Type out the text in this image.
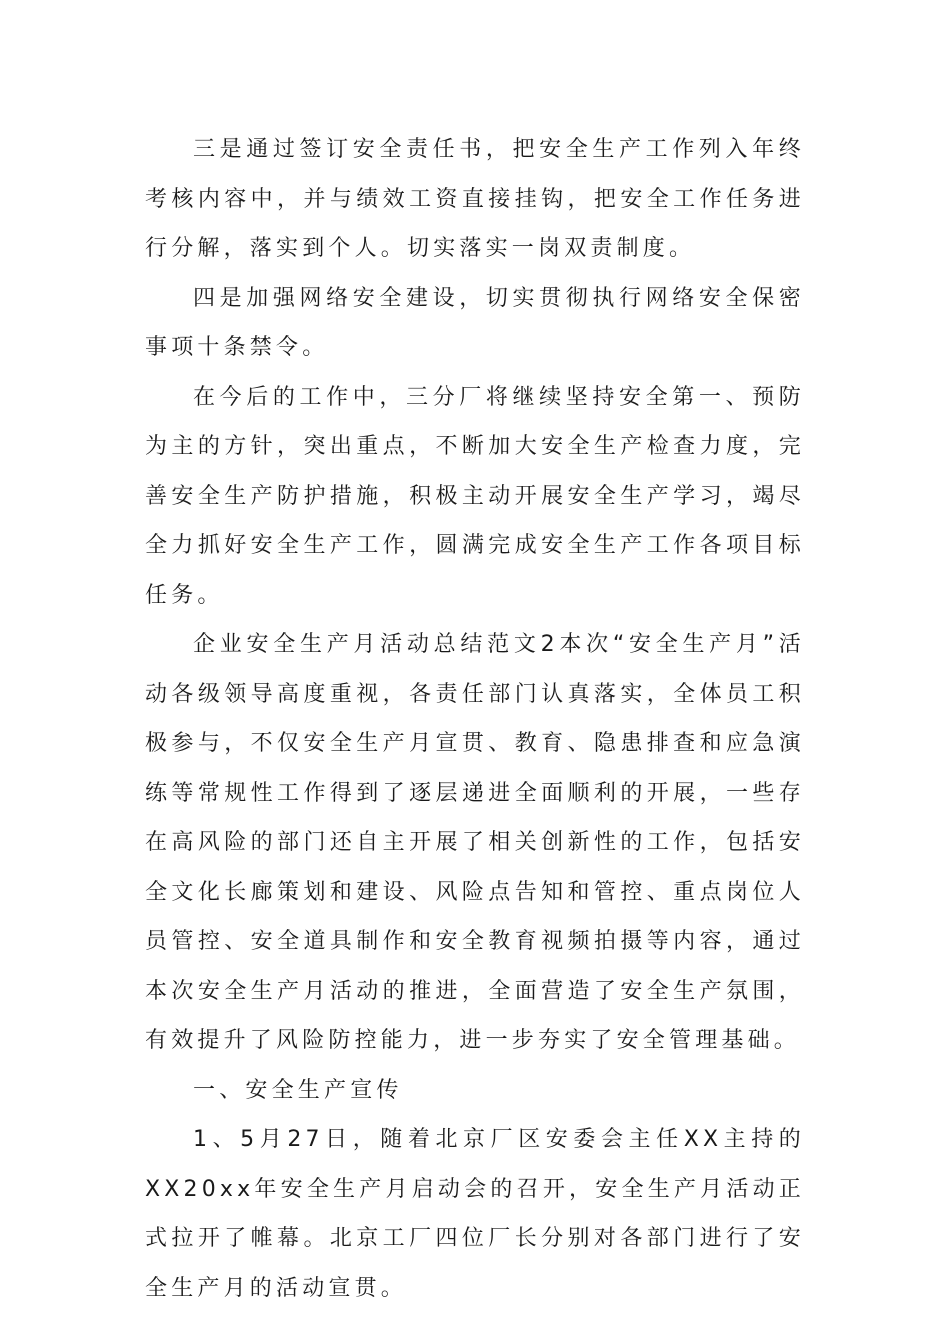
三是通过签订安全责任书，把安全生产工作列入年终考核内容中，并与绩效工资直接挂钩，把安全工作任务进行分解，落实到个人。切实落实一岗双责制度。

四是加强网络安全建设，切实贯彻执行网络安全保密事项十条禁令。

在今后的工作中，三分厂将继续坚持安全第一、预防为主的方针，突出重点，不断加大安全生产检查力度，完善安全生产防护措施，积极主动开展安全生产学习，竭尽全力抓好安全生产工作，圆满完成安全生产工作各项目标任务。

企业安全生产月活动总结范文2本次“安全生产月”活动各级领导高度重视，各责任部门认真落实，全体员工积极参与，不仅安全生产月宣贯、教育、隐患排查和应急演练等常规性工作得到了逐层递进全面顺利的开展，一些存在高风险的部门还自主开展了相关创新性的工作，包括安全文化长廊策划和建设、风险点告知和管控、重点岗位人员管控、安全道具制作和安全教育视频拍摄等内容，通过本次安全生产月活动的推进，全面营造了安全生产氛围，有效提升了风险防控能力，进一步夯实了安全管理基础。

一、安全生产宣传

1、5月27日，随着北京厂区安委会主任XX主持的XX20xx年安全生产月启动会的召开，安全生产月活动正式拉开了帷幕。北京工厂四位厂长分别对各部门进行了安全生产月的活动宣贯。
